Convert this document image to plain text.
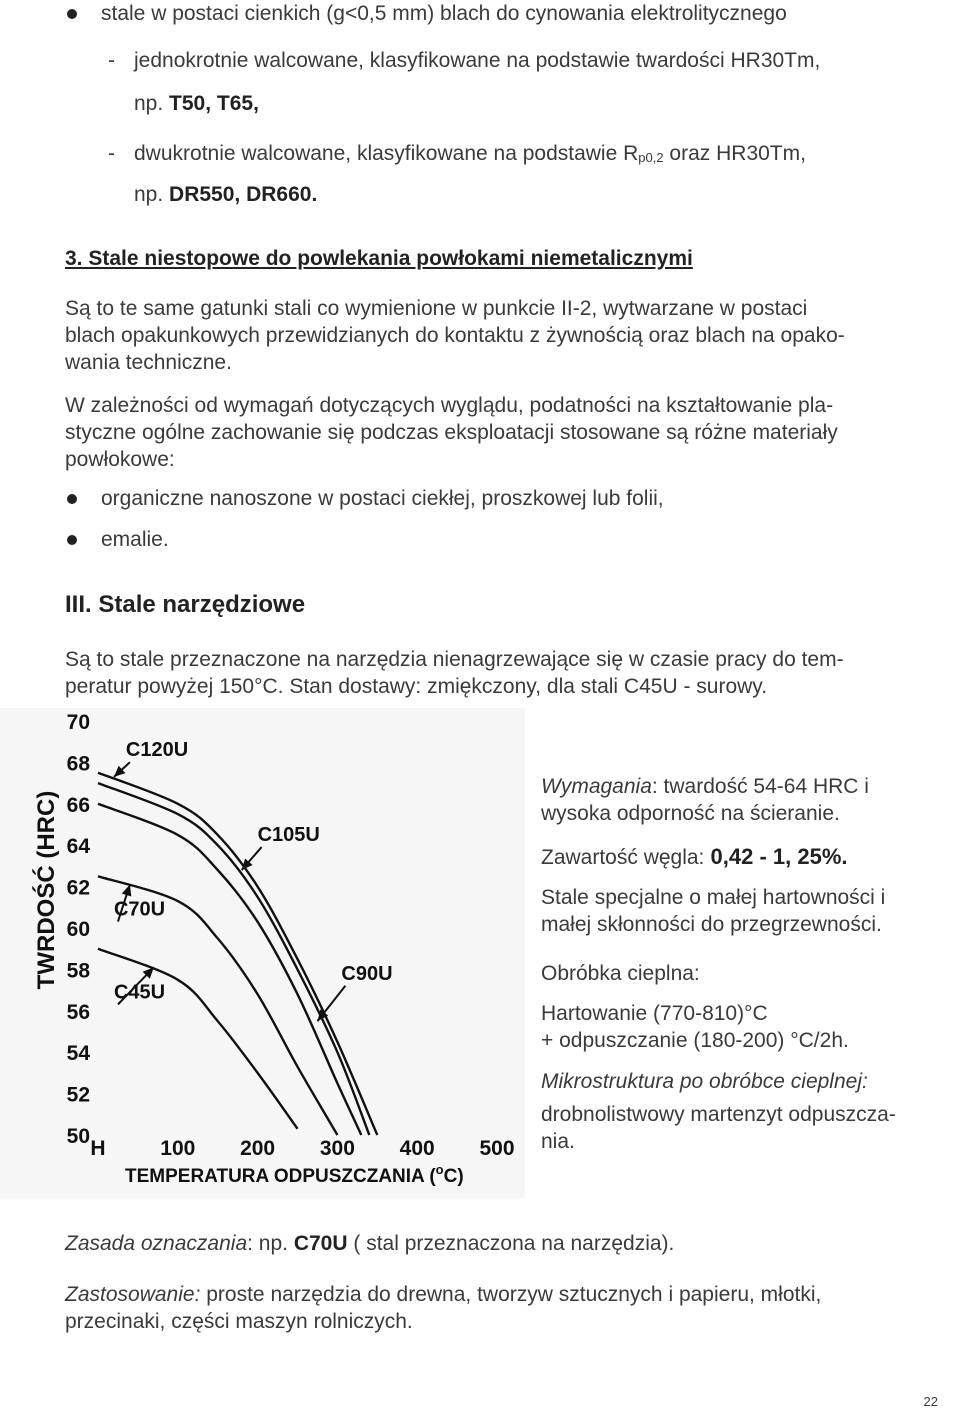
stale w postaci cienkich (g<0,5 mm) blach do cynowania elektrolitycznego
- jednokrotnie walcowane, klasyfikowane na podstawie twardości HR30Tm,
np. T50, T65,
- dwukrotnie walcowane, klasyfikowane na podstawie $R_{p0,2}$ oraz HR30Tm,
np. DR550, DR660.
3. Stale niestopowe do powlekania powłokami niemetalicznymi
Są to te same gatunki stali co wymienione w punkcie II-2, wytwarzane w postaci
blach opakunkowych przewidzianych do kontaktu z żywnością oraz blach na opako-
wania techniczne.
W zależności od wymagań dotyczących wyglądu, podatności na kształtowanie pla-
styczne ogólne zachowanie się podczas eksploatacji stosowane są różne materiały
powłokowe:
organiczne nanoszone w postaci ciekłej, proszkowej lub folii,
emalie.
III. Stale narzędziowe
Są to stale przeznaczone na narzędzia nienagrzewające się w czasie pracy do tem-
peratur powyżej 150°C. Stan dostawy: zmiękczony, dla stali C45U - surowy.
50
52
54
56
58
60
62
64
66
68
70
H	100 200 300 400 500
C120U
C105U
C90U
C70U
C45U
TWRDOŚĆ (HRC)
TEMPERATURA ODPUSZCZANIA ($^o$C)
Wymagania: twardość 54-64 HRC i
wysoka odporność na ścieranie.
Zawartość węgla: 0,42 - 1, 25%.
Stale specjalne o małej hartowności i
małej skłonności do przegrzewności.
Obróbka cieplna:
Hartowanie (770-810)°C
+ odpuszczanie (180-200) °C/2h.
Mikrostruktura po obróbce cieplnej:
drobnolistwowy martenzyt odpuszcza-
nia.
Zasada oznaczania: np. C70U ( stal przeznaczona na narzędzia).
Zastosowanie: proste narzędzia do drewna, tworzyw sztucznych i papieru, młotki,
przecinaki, części maszyn rolniczych.
22
